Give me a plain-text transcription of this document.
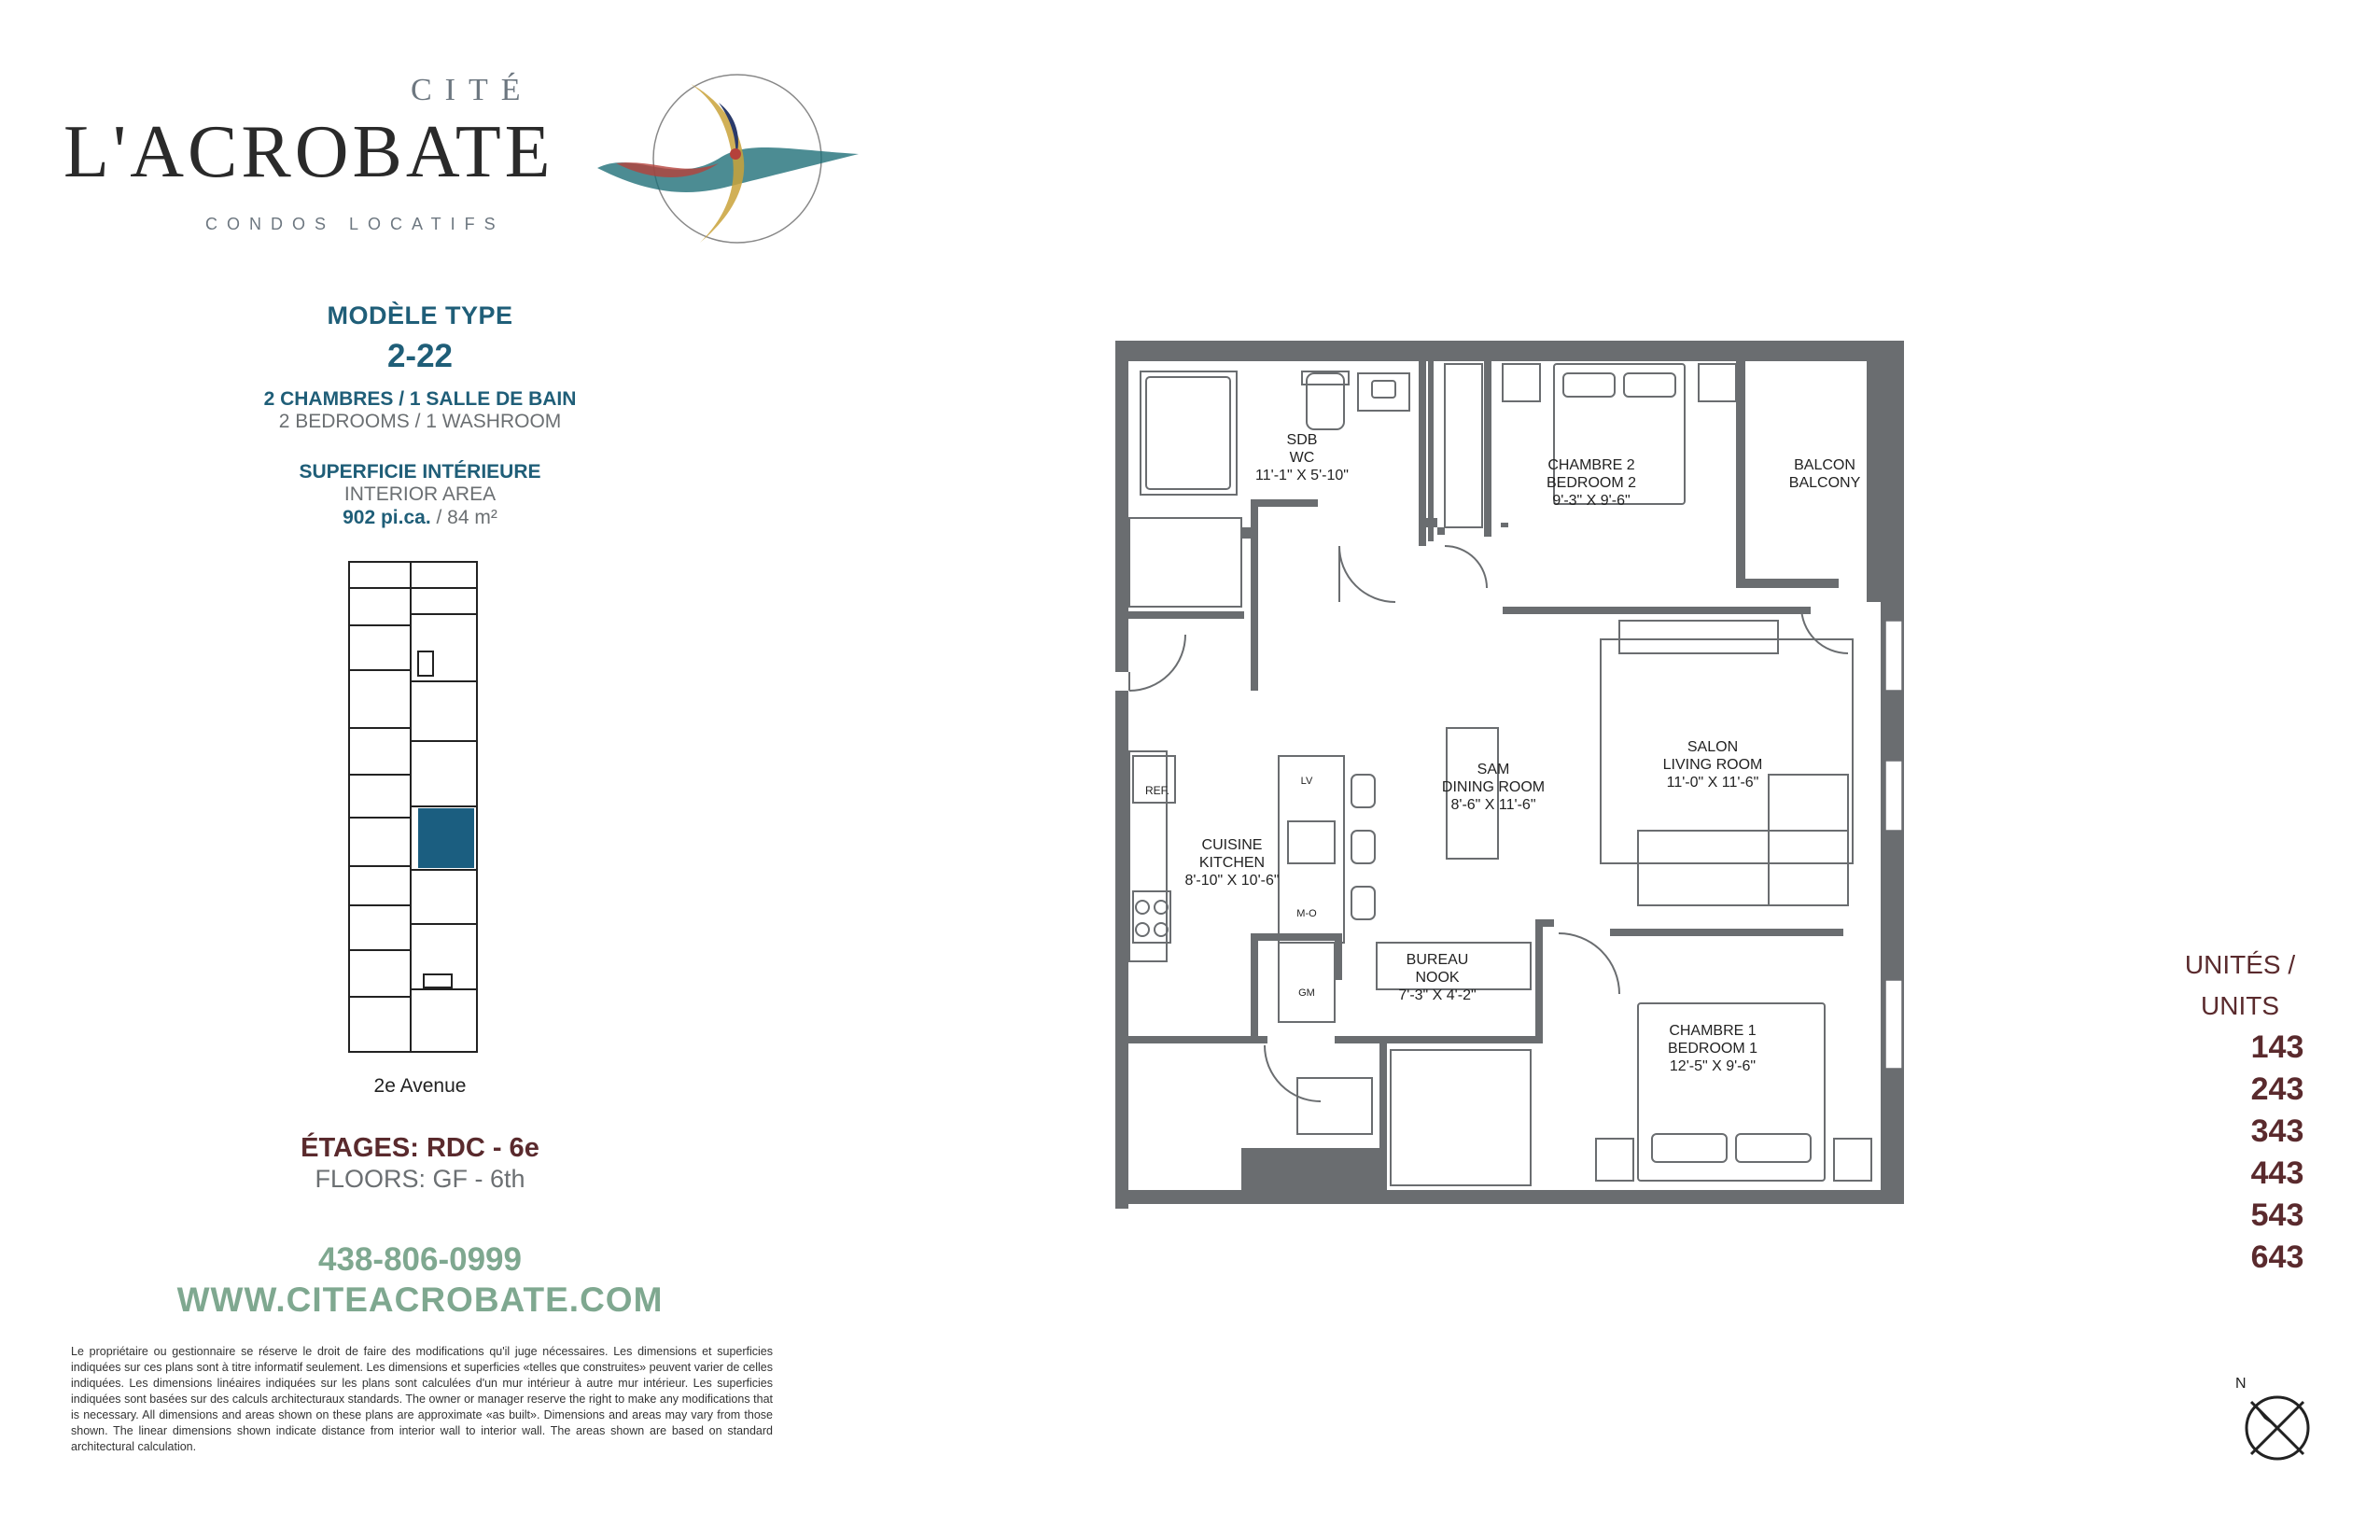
CITÉ
L'ACROBATE
CONDOS LOCATIFS
MODÈLE TYPE
2-22
2 CHAMBRES / 1 SALLE DE BAIN
2 BEDROOMS / 1 WASHROOM
SUPERFICIE INTÉRIEURE
INTERIOR AREA
902 pi.ca. / 84 m²
2e Avenue
ÉTAGES: RDC - 6e
FLOORS: GF - 6th
438-806-0999
WWW.CITEACROBATE.COM
Le propriétaire ou gestionnaire se réserve le droit de faire des modifications qu'il juge nécessaires. Les dimensions et superficies indiquées sur ces plans sont à titre informatif seulement. Les dimensions et superficies «telles que construites» peuvent varier de celles indiquées. Les dimensions linéaires indiquées sur les plans sont calculées d'un mur intérieur à autre mur intérieur. Les superficies indiquées sont basées sur des calculs architecturaux standards. The owner or manager reserve the right to make any modifications that is necessary. All dimensions and areas shown on these plans are approximate «as built». Dimensions and areas may vary from those shown. The linear dimensions shown indicate distance from interior wall to interior wall. The areas shown are based on standard architectural calculation.
SDB
WC
11'-1" X 5'-10"
CHAMBRE 2
BEDROOM 2
9'-3" X 9'-6"
BALCON
BALCONY
SALON
LIVING ROOM
11'-0" X 11'-6"
SAM
DINING ROOM
8'-6" X 11'-6"
CUISINE
KITCHEN
8'-10" X 10'-6"
BUREAU
NOOK
7'-3" X 4'-2"
CHAMBRE 1
BEDROOM 1
12'-5" X 9'-6"
REF.
LV
M-O
GM
UNITÉS /
UNITS
143
243
343
443
543
643
N
